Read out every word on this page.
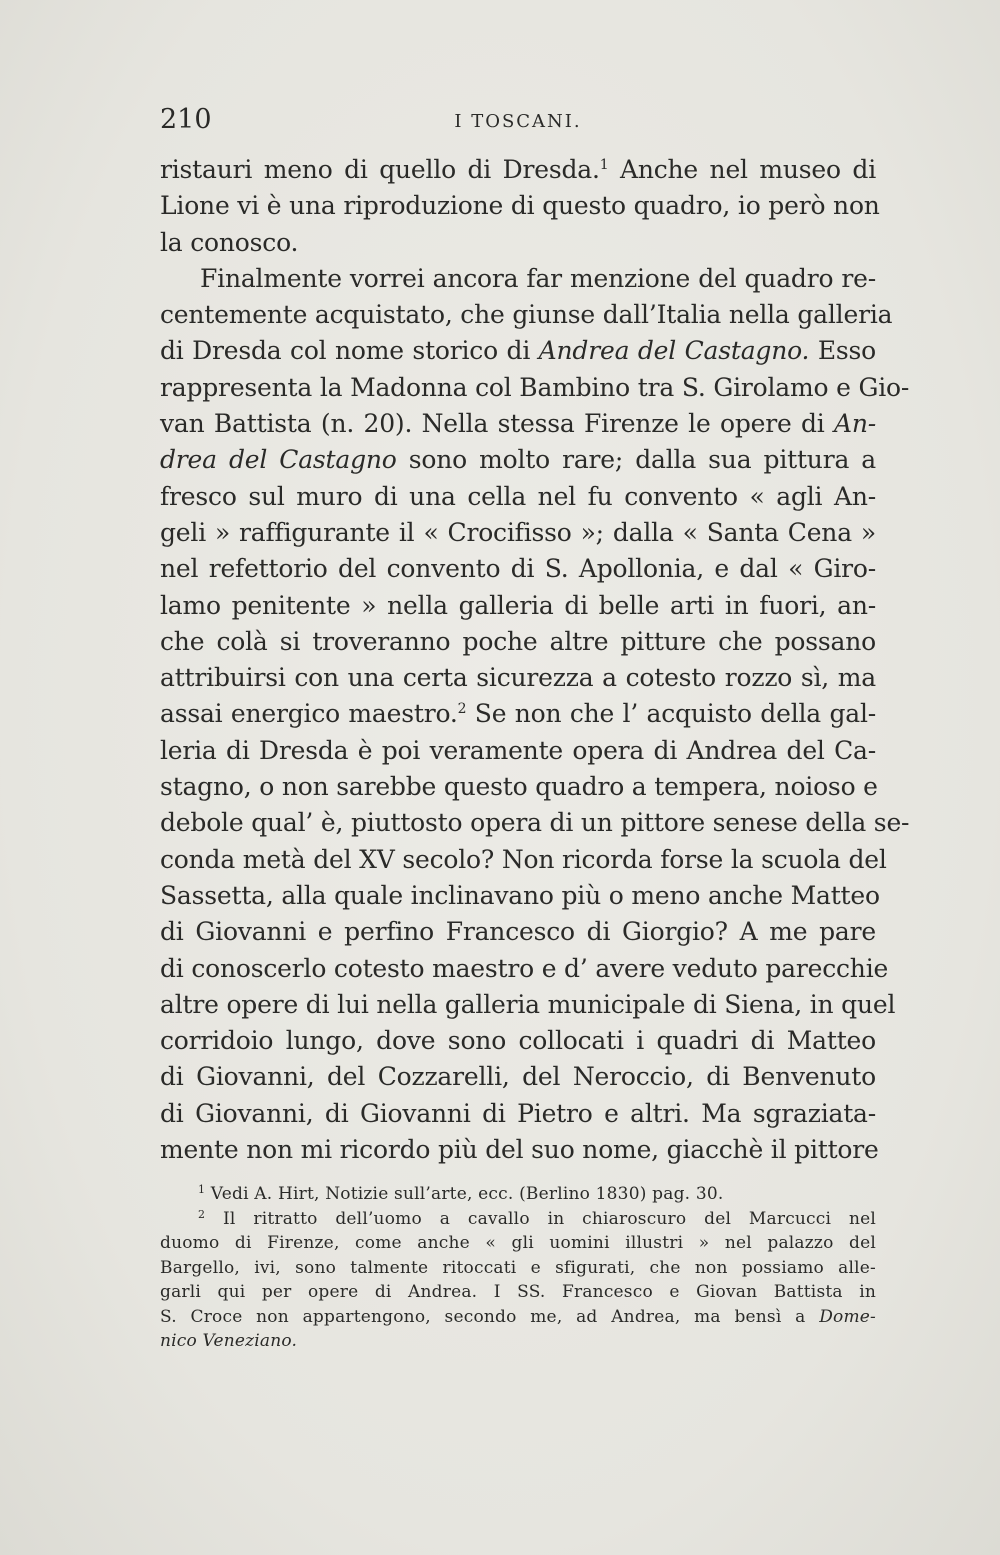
210	I TOSCANI.
ristauri meno di quello di Dresda.$^1$ Anche nel museo di
Lione vi è una riproduzione di questo quadro, io però non
la conosco.
Finalmente vorrei ancora far menzione del quadro re-
centemente acquistato, che giunse dall’Italia nella galleria
di Dresda col nome storico di Andrea del Castagno. Esso
rappresenta la Madonna col Bambino tra S. Girolamo e Gio-
van Battista (n. 20). Nella stessa Firenze le opere di An-
drea del Castagno sono molto rare; dalla sua pittura a
fresco sul muro di una cella nel fu convento « agli An-
geli » raffigurante il « Crocifisso »; dalla « Santa Cena »
nel refettorio del convento di S. Apollonia, e dal « Giro-
lamo penitente » nella galleria di belle arti in fuori, an-
che colà si troveranno poche altre pitture che possano
attribuirsi con una certa sicurezza a cotesto rozzo sì, ma
assai energico maestro.$^2$ Se non che l’ acquisto della gal-
leria di Dresda è poi veramente opera di Andrea del Ca-
stagno, o non sarebbe questo quadro a tempera, noioso e
debole qual’ è, piuttosto opera di un pittore senese della se-
conda metà del XV secolo? Non ricorda forse la scuola del
Sassetta, alla quale inclinavano più o meno anche Matteo
di Giovanni e perfino Francesco di Giorgio? A me pare
di conoscerlo cotesto maestro e d’ avere veduto parecchie
altre opere di lui nella galleria municipale di Siena, in quel
corridoio lungo, dove sono collocati i quadri di Matteo
di Giovanni, del Cozzarelli, del Neroccio, di Benvenuto
di Giovanni, di Giovanni di Pietro e altri. Ma sgraziata-
mente non mi ricordo più del suo nome, giacchè il pittore
$^1$ Vedi A. Hirt, Notizie sull’arte, ecc. (Berlino 1830) pag. 30.
$^2$ Il ritratto dell’uomo a cavallo in chiaroscuro del Marcucci nel
duomo di Firenze, come anche « gli uomini illustri » nel palazzo del
Bargello, ivi, sono talmente ritoccati e sfigurati, che non possiamo alle-
garli qui per opere di Andrea. I SS. Francesco e Giovan Battista in
S. Croce non appartengono, secondo me, ad Andrea, ma bensì a Dome-
nico Veneziano.
